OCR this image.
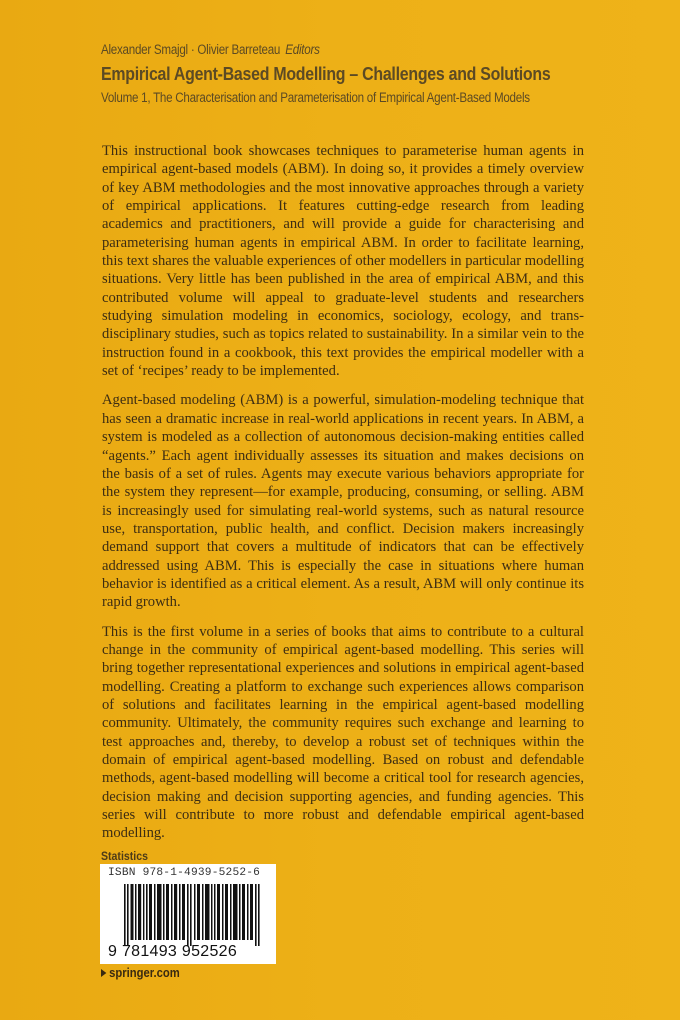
Alexander Smajgl · Olivier Barreteau Editors
Empirical Agent-Based Modelling – Challenges and Solutions
Volume 1, The Characterisation and Parameterisation of Empirical Agent-Based Models

This instructional book showcases techniques to parameterise human agents in empirical agent-based models (ABM). In doing so, it provides a timely overview of key ABM methodologies and the most innovative approaches through a variety of empirical applications. It features cutting-edge research from leading academics and practitioners, and will provide a guide for characterising and parameterising human agents in empirical ABM. In order to facilitate learning, this text shares the valuable experiences of other modellers in particular modelling situations. Very little has been published in the area of empirical ABM, and this contributed volume will appeal to graduate-level students and researchers studying simulation modeling in economics, sociology, ecology, and trans-disciplinary studies, such as topics related to sustainability. In a similar vein to the instruction found in a cookbook, this text provides the empirical modeller with a set of ‘recipes’ ready to be implemented.

Agent-based modeling (ABM) is a powerful, simulation-modeling technique that has seen a dramatic increase in real-world applications in recent years. In ABM, a system is modeled as a collection of autonomous decision-making entities called “agents.” Each agent individually assesses its situation and makes decisions on the basis of a set of rules. Agents may execute various behaviors appropriate for the system they represent—for example, producing, consuming, or selling. ABM is increasingly used for simulating real-world systems, such as natural resource use, transportation, public health, and conflict. Decision makers increasingly demand support that covers a multitude of indicators that can be effectively addressed using ABM. This is especially the case in situations where human behavior is identified as a critical element. As a result, ABM will only continue its rapid growth.

This is the first volume in a series of books that aims to contribute to a cultural change in the community of empirical agent-based modelling. This series will bring together representational experiences and solutions in empirical agent-based modelling. Creating a platform to exchange such experiences allows comparison of solutions and facilitates learning in the empirical agent-based modelling community. Ultimately, the community requires such exchange and learning to test approaches and, thereby, to develop a robust set of techniques within the domain of empirical agent-based modelling. Based on robust and defendable methods, agent-based modelling will become a critical tool for research agencies, decision making and decision supporting agencies, and funding agencies. This series will contribute to more robust and defendable empirical agent-based modelling.

Statistics
ISBN 978-1-4939-5252-6
9 781493 952526
springer.com
